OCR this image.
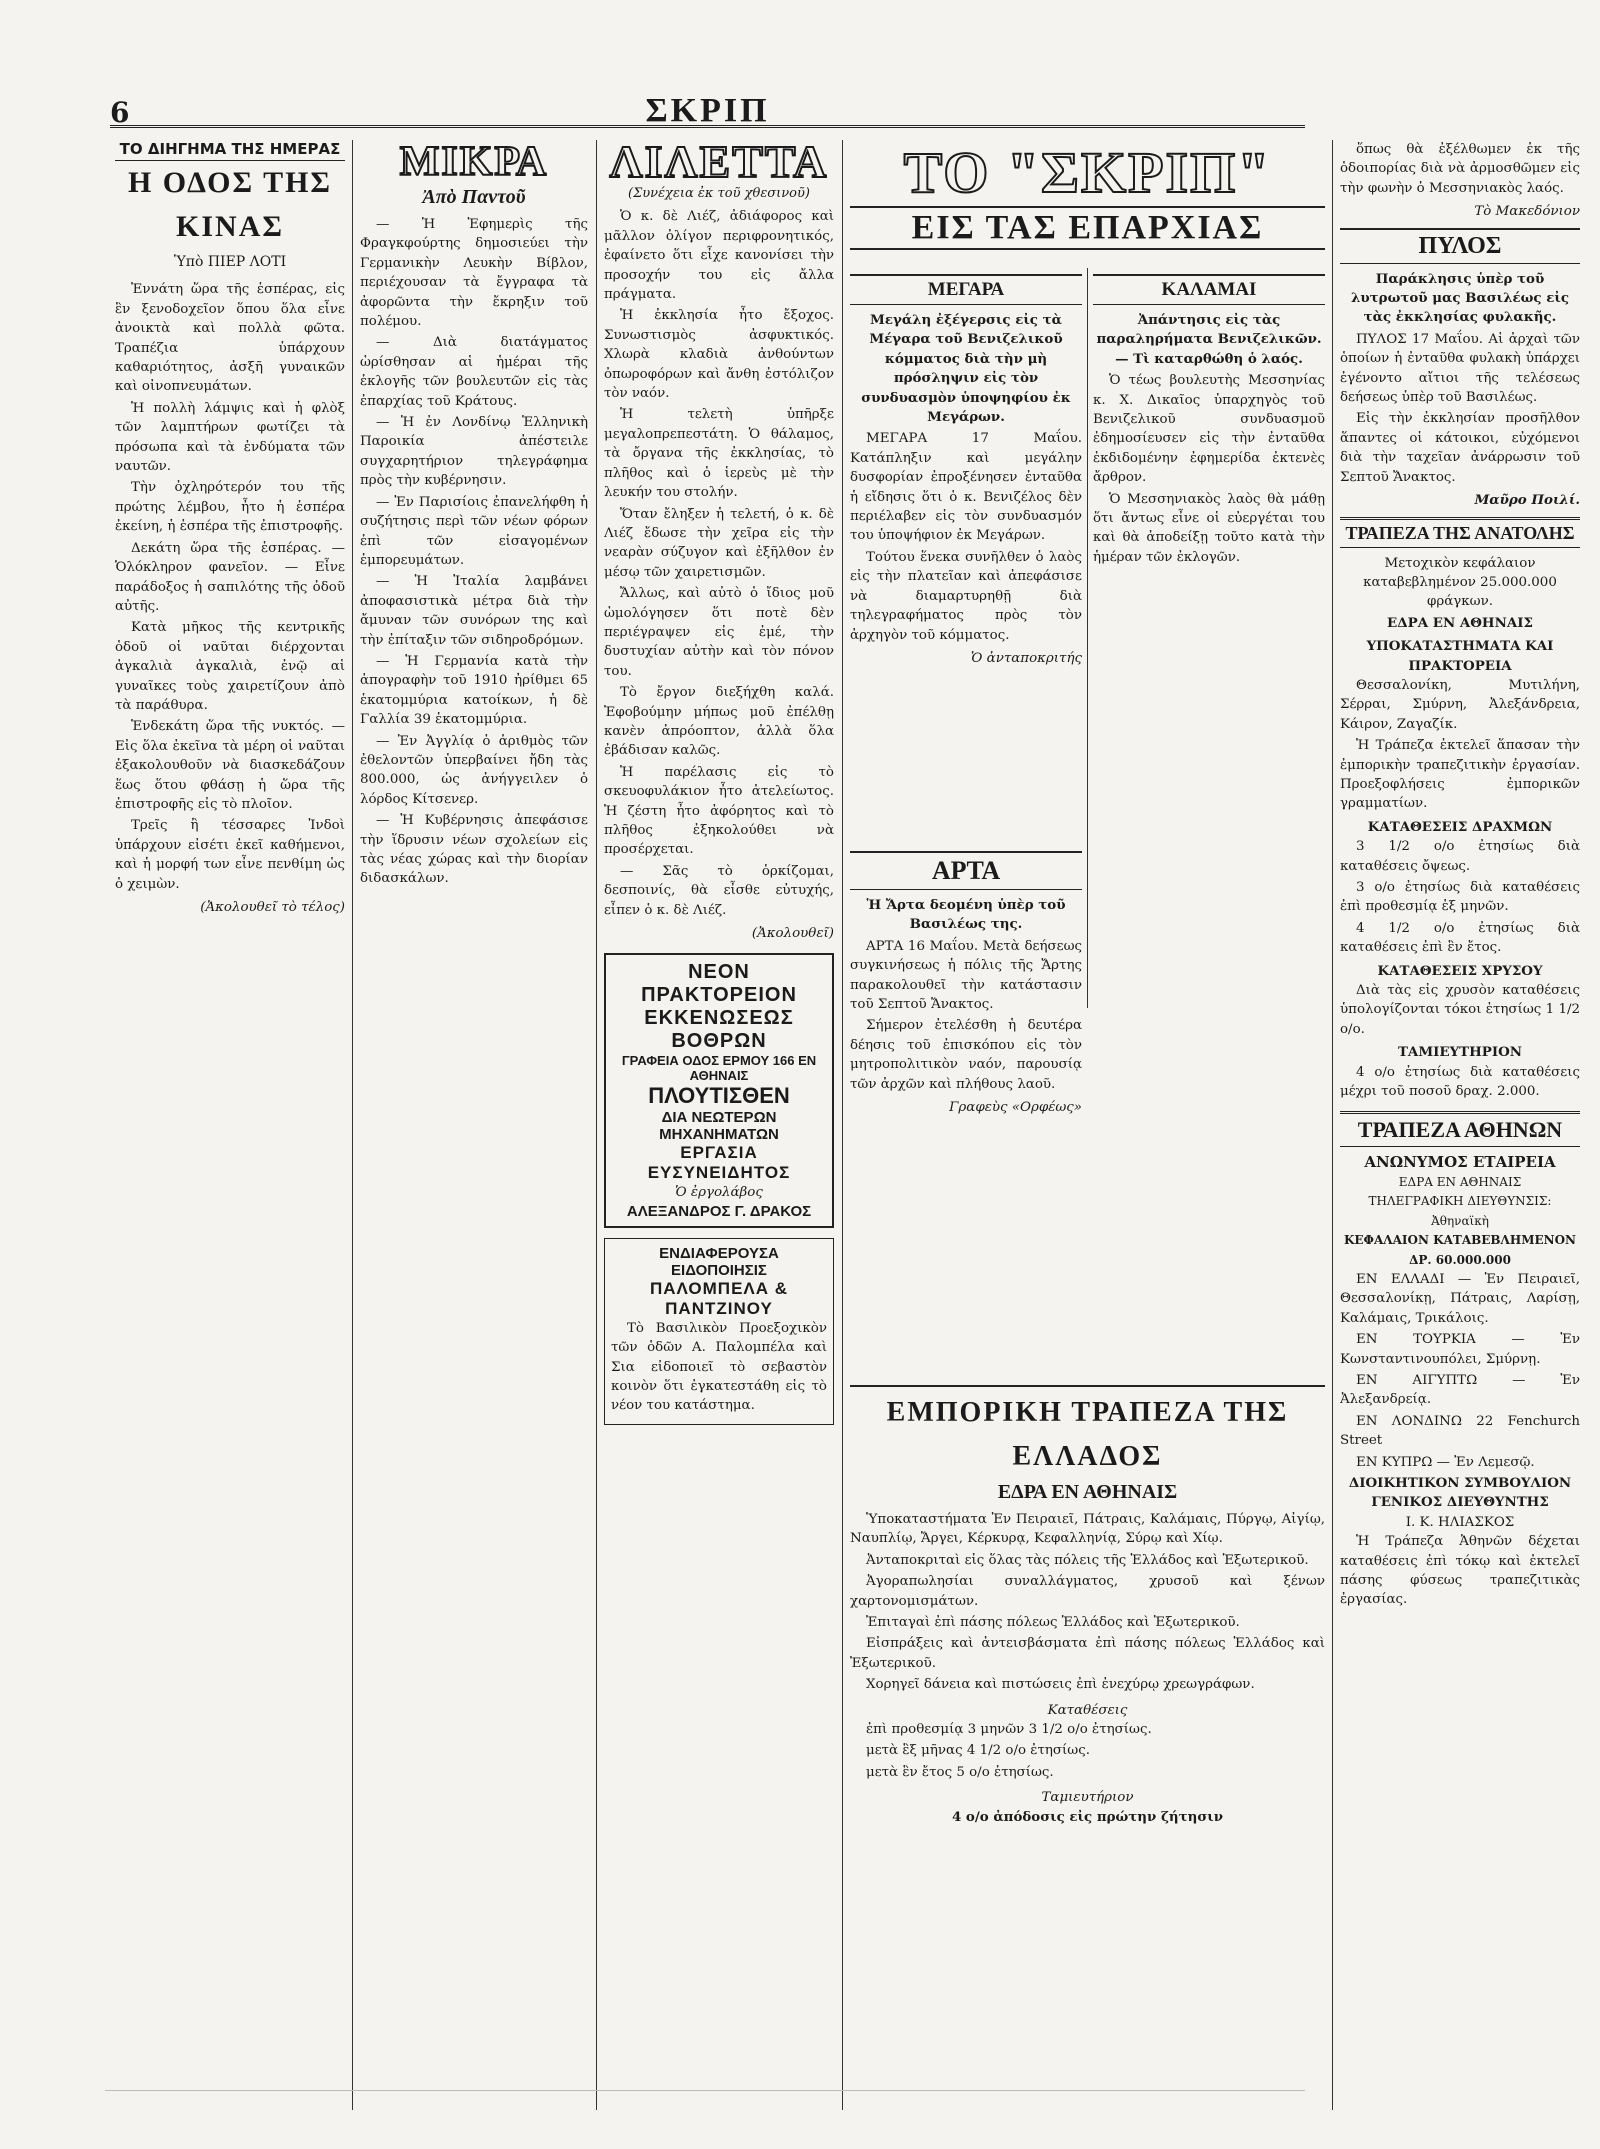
6	ΣΚΡΙΠ
ΤΟ ΔΙΗΓΗΜΑ ΤΗΣ ΗΜΕΡΑΣ
Η ΟΔΟΣ ΤΗΣ ΚΙΝΑΣ
Ὑπὸ ΠΙΕΡ ΛΟΤΙ

Ἐννάτη ὥρα τῆς ἑσπέρας, εἰς ἓν ξενοδοχεῖον ὅπου ὅλα εἶνε ἀνοικτὰ καὶ πολλὰ φῶτα. Τραπέζια ὑπάρχουν καθαριότητος, ἀσξῆ γυναικῶν καὶ οἰνοπνευμάτων.

Ἡ πολλὴ λάμψις καὶ ἡ φλὸξ τῶν λαμπτήρων φωτίζει τὰ πρόσωπα καὶ τὰ ἐνδύματα τῶν ναυτῶν.

Τὴν ὀχληρότερόν του τῆς πρώτης λέμβου, ἦτο ἡ ἑσπέρα ἐκείνη, ἡ ἑσπέρα τῆς ἐπιστροφῆς.

Δεκάτη ὥρα τῆς ἑσπέρας. — Ὁλόκληρον φανεῖον. — Εἶνε παράδοξος ἡ σαπιλότης τῆς ὀδοῦ αὐτῆς.

Κατὰ μῆκος τῆς κεντρικῆς ὁδοῦ οἱ ναῦται διέρχονται ἀγκαλιὰ ἀγκαλιὰ, ἐνῷ αἱ γυναῖκες τοὺς χαιρετίζουν ἀπὸ τὰ παράθυρα.

Ἑνδεκάτη ὥρα τῆς νυκτός. — Εἰς ὅλα ἐκεῖνα τὰ μέρη οἱ ναῦται ἐξακολουθοῦν νὰ διασκεδάζουν ἕως ὅτου φθάσῃ ἡ ὥρα τῆς ἐπιστροφῆς εἰς τὸ πλοῖον.

Τρεῖς ἢ τέσσαρες Ἰνδοὶ ὑπάρχουν εἰσέτι ἐκεῖ καθήμενοι, καὶ ἡ μορφή των εἶνε πενθίμη ὡς ὁ χειμὼν.

(Ἀκολουθεῖ τὸ τέλος)
ΜΙΚΡΑ
Ἀπὸ Παντοῦ

— Ἡ Ἐφημερὶς τῆς Φραγκφούρτης δημοσιεύει τὴν Γερμανικὴν Λευκὴν Βίβλον, περιέχουσαν τὰ ἔγγραφα τὰ ἀφορῶντα τὴν ἔκρηξιν τοῦ πολέμου.

— Διὰ διατάγματος ὡρίσθησαν αἱ ἡμέραι τῆς ἐκλογῆς τῶν βουλευτῶν εἰς τὰς ἐπαρχίας τοῦ Κράτους.

— Ἡ ἐν Λονδίνῳ Ἑλληνικὴ Παροικία ἀπέστειλε συγχαρητήριον τηλεγράφημα πρὸς τὴν κυβέρνησιν.

— Ἐν Παρισίοις ἐπανελήφθη ἡ συζήτησις περὶ τῶν νέων φόρων ἐπὶ τῶν εἰσαγομένων ἐμπορευμάτων.

— Ἡ Ἰταλία λαμβάνει ἀποφασιστικὰ μέτρα διὰ τὴν ἄμυναν τῶν συνόρων της καὶ τὴν ἐπίταξιν τῶν σιδηροδρόμων.

— Ἡ Γερμανία κατὰ τὴν ἀπογραφὴν τοῦ 1910 ἠρίθμει 65 ἑκατομμύρια κατοίκων, ἡ δὲ Γαλλία 39 ἑκατομμύρια.

— Ἐν Ἀγγλίᾳ ὁ ἀριθμὸς τῶν ἐθελοντῶν ὑπερβαίνει ἤδη τὰς 800.000, ὡς ἀνήγγειλεν ὁ λόρδος Κίτσενερ.

— Ἡ Κυβέρνησις ἀπεφάσισε τὴν ἵδρυσιν νέων σχολείων εἰς τὰς νέας χώρας καὶ τὴν διορίαν διδασκάλων.

ΛΙΛΕΤΤΑ
(Συνέχεια ἐκ τοῦ χθεσινοῦ)

Ὁ κ. δὲ Λιέζ, ἀδιάφορος καὶ μᾶλλον ὀλίγον περιφρονητικός, ἐφαίνετο ὅτι εἶχε κανονίσει τὴν προσοχήν του εἰς ἄλλα πράγματα.

Ἡ ἐκκλησία ἦτο ἔξοχος. Συνωστισμὸς ἀσφυκτικός. Χλωρὰ κλαδιὰ ἀνθούντων ὀπωροφόρων καὶ ἄνθη ἐστόλιζον τὸν ναόν.

Ἡ τελετὴ ὑπῆρξε μεγαλοπρεπεστάτη. Ὁ θάλαμος, τὰ ὄργανα τῆς ἐκκλησίας, τὸ πλῆθος καὶ ὁ ἱερεὺς μὲ τὴν λευκήν του στολήν.

Ὅταν ἔληξεν ἡ τελετή, ὁ κ. δὲ Λιέζ ἔδωσε τὴν χεῖρα εἰς τὴν νεαρὰν σύζυγον καὶ ἐξῆλθον ἐν μέσῳ τῶν χαιρετισμῶν.

Ἄλλως, καὶ αὐτὸ ὁ ἴδιος μοῦ ὡμολόγησεν ὅτι ποτὲ δὲν περιέγραψεν εἰς ἐμέ, τὴν δυστυχίαν αὐτὴν καὶ τὸν πόνον του.

Τὸ ἔργον διεξήχθη καλά. Ἐφοβούμην μήπως μοῦ ἐπέλθῃ κανὲν ἀπρόοπτον, ἀλλὰ ὅλα ἐβάδισαν καλῶς.

Ἡ παρέλασις εἰς τὸ σκευοφυλάκιον ἦτο ἀτελείωτος. Ἡ ζέστη ἦτο ἀφόρητος καὶ τὸ πλῆθος ἐξηκολούθει νὰ προσέρχεται.

— Σᾶς τὸ ὁρκίζομαι, δεσποινίς, θὰ εἶσθε εὐτυχής, εἶπεν ὁ κ. δὲ Λιέζ.

(Ἀκολουθεῖ)
ΝΕΟΝ ΠΡΑΚΤΟΡΕΙΟΝ
ΕΚΚΕΝΩΣΕΩΣ ΒΟΘΡΩΝ
ΓΡΑΦΕΙΑ ΟΔΟΣ ΕΡΜΟΥ 166 ΕΝ ΑΘΗΝΑΙΣ
ΠΛΟΥΤΙΣΘΕΝ
ΔΙΑ ΝΕΩΤΕΡΩΝ ΜΗΧΑΝΗΜΑΤΩΝ
ΕΡΓΑΣΙΑ ΕΥΣΥΝΕΙΔΗΤΟΣ
Ὁ ἐργολάβος
ΑΛΕΞΑΝΔΡΟΣ Γ. ΔΡΑΚΟΣ
ΕΝΔΙΑΦΕΡΟΥΣΑ ΕΙΔΟΠΟΙΗΣΙΣ
ΠΑΛΟΜΠΕΛΑ & ΠΑΝΤΖΙΝΟΥ

Τὸ Βασιλικὸν Προεξοχικὸν τῶν ὁδῶν Α. Παλομπέλα καὶ Σια εἰδοποιεῖ τὸ σεβαστὸν κοινὸν ὅτι ἐγκατεστάθη εἰς τὸ νέον του κατάστημα.

ΤΟ "ΣΚΡΙΠ"
ΕΙΣ ΤΑΣ ΕΠΑΡΧΙΑΣ
ΜΕΓΑΡΑ

Μεγάλη ἐξέγερσις εἰς τὰ Μέγαρα τοῦ Βενιζελικοῦ κόμματος διὰ τὴν μὴ πρόσληψιν εἰς τὸν συνδυασμὸν ὑποψηφίου ἐκ Μεγάρων.

ΜΕΓΑΡΑ 17 Μαΐου. Κατάπληξιν καὶ μεγάλην δυσφορίαν ἐπροξένησεν ἐνταῦθα ἡ εἴδησις ὅτι ὁ κ. Βενιζέλος δὲν περιέλαβεν εἰς τὸν συνδυασμόν του ὑποψήφιον ἐκ Μεγάρων.

Τούτου ἕνεκα συνῆλθεν ὁ λαὸς εἰς τὴν πλατεῖαν καὶ ἀπεφάσισε νὰ διαμαρτυρηθῇ διὰ τηλεγραφήματος πρὸς τὸν ἀρχηγὸν τοῦ κόμματος.

Ὁ ἀνταποκριτής
ΚΑΛΑΜΑΙ

Ἀπάντησις εἰς τὰς παραληρήματα Βενιζελικῶν. — Τὶ καταρθώθη ὁ λαός.

Ὁ τέως βουλευτὴς Μεσσηνίας κ. Χ. Δικαῖος ὑπαρχηγὸς τοῦ Βενιζελικοῦ συνδυασμοῦ ἐδημοσίευσεν εἰς τὴν ἐνταῦθα ἐκδιδομένην ἐφημερίδα ἐκτενὲς ἄρθρον.

Ὁ Μεσσηνιακὸς λαὸς θὰ μάθῃ ὅτι ἄντως εἶνε οἱ εὐεργέται του καὶ θὰ ἀποδείξῃ τοῦτο κατὰ τὴν ἡμέραν τῶν ἐκλογῶν.

ΑΡΤΑ

Ἡ Ἄρτα δεομένη ὑπὲρ τοῦ Βασιλέως της.

ΑΡΤΑ 16 Μαΐου. Μετὰ δεήσεως συγκινήσεως ἡ πόλις τῆς Ἄρτης παρακολουθεῖ τὴν κατάστασιν τοῦ Σεπτοῦ Ἄνακτος.

Σήμερον ἐτελέσθη ἡ δευτέρα δέησις τοῦ ἐπισκόπου εἰς τὸν μητροπολιτικὸν ναόν, παρουσίᾳ τῶν ἀρχῶν καὶ πλήθους λαοῦ.

Γραφεὺς «Ορφέως»
ΕΜΠΟΡΙΚΗ ΤΡΑΠΕΖΑ ΤΗΣ ΕΛΛΑΔΟΣ
ΕΔΡΑ ΕΝ ΑΘΗΝΑΙΣ

Ὑποκαταστήματα Ἐν Πειραιεῖ, Πάτραις, Καλάμαις, Πύργῳ, Αἰγίῳ, Ναυπλίῳ, Ἄργει, Κέρκυρᾳ, Κεφαλληνίᾳ, Σύρῳ καὶ Χίῳ.

Ἀνταποκριταὶ εἰς ὅλας τὰς πόλεις τῆς Ἑλλάδος καὶ Ἐξωτερικοῦ.

Ἀγοραπωλησίαι συναλλάγματος, χρυσοῦ καὶ ξένων χαρτονομισμάτων.

Ἐπιταγαὶ ἐπὶ πάσης πόλεως Ἑλλάδος καὶ Ἐξωτερικοῦ.

Εἰσπράξεις καὶ ἀντεισβάσματα ἐπὶ πάσης πόλεως Ἑλλάδος καὶ Ἐξωτερικοῦ.

Χορηγεῖ δάνεια καὶ πιστώσεις ἐπὶ ἐνεχύρῳ χρεωγράφων.

Καταθέσεις

ἐπὶ προθεσμίᾳ 3 μηνῶν 3 1/2 ο/ο ἐτησίως.

μετὰ ἓξ μῆνας 4 1/2 ο/ο ἐτησίως.

μετὰ ἓν ἔτος 5 ο/ο ἐτησίως.

Ταμιευτήριον

4 ο/ο ἀπόδοσις εἰς πρώτην ζήτησιν

ὅπως θὰ ἐξέλθωμεν ἐκ τῆς ὁδοιπορίας διὰ νὰ ἀρμοσθῶμεν εἰς τὴν φωνὴν ὁ Μεσσηνιακὸς λαός.

Τὸ Μακεδόνιον
ΠΥΛΟΣ

Παράκλησις ὑπὲρ τοῦ λυτρωτοῦ μας Βασιλέως εἰς τὰς ἐκκλησίας φυλακῆς.

ΠΥΛΟΣ 17 Μαΐου. Αἱ ἀρχαὶ τῶν ὁποίων ἡ ἐνταῦθα φυλακὴ ὑπάρχει ἐγένοντο αἴτιοι τῆς τελέσεως δεήσεως ὑπὲρ τοῦ Βασιλέως.

Εἰς τὴν ἐκκλησίαν προσῆλθον ἅπαντες οἱ κάτοικοι, εὐχόμενοι διὰ τὴν ταχεῖαν ἀνάρρωσιν τοῦ Σεπτοῦ Ἄνακτος.

Μαῦρο Ποιλί.
ΤΡΑΠΕΖΑ ΤΗΣ ΑΝΑΤΟΛΗΣ

Μετοχικὸν κεφάλαιον καταβεβλημένον 25.000.000 φράγκων.

ΕΔΡΑ ΕΝ ΑΘΗΝΑΙΣ
ΥΠΟΚΑΤΑΣΤΗΜΑΤΑ ΚΑΙ ΠΡΑΚΤΟΡΕΙΑ

Θεσσαλονίκη, Μυτιλήνη, Σέρραι, Σμύρνη, Ἀλεξάνδρεια, Κάιρον, Ζαγαζίκ.

Ἡ Τράπεζα ἐκτελεῖ ἅπασαν τὴν ἐμπορικὴν τραπεζιτικὴν ἐργασίαν. Προεξοφλήσεις ἐμπορικῶν γραμματίων.

ΚΑΤΑΘΕΣΕΙΣ ΔΡΑΧΜΩΝ

3 1/2 ο/ο ἐτησίως διὰ καταθέσεις ὄψεως.

3 ο/ο ἐτησίως διὰ καταθέσεις ἐπὶ προθεσμίᾳ ἑξ μηνῶν.

4 1/2 ο/ο ἐτησίως διὰ καταθέσεις ἐπὶ ἓν ἔτος.

ΚΑΤΑΘΕΣΕΙΣ ΧΡΥΣΟΥ

Διὰ τὰς εἰς χρυσὸν καταθέσεις ὑπολογίζονται τόκοι ἐτησίως 1 1/2 ο/ο.

ΤΑΜΙΕΥΤΗΡΙΟΝ

4 ο/ο ἐτησίως διὰ καταθέσεις μέχρι τοῦ ποσοῦ δραχ. 2.000.

ΤΡΑΠΕΖΑ ΑΘΗΝΩΝ
ΑΝΩΝΥΜΟΣ ΕΤΑΙΡΕΙΑ
ΕΔΡΑ ΕΝ ΑΘΗΝΑΙΣ
ΤΗΛΕΓΡΑΦΙΚΗ ΔΙΕΥΘΥΝΣΙΣ: Ἀθηναϊκὴ
ΚΕΦΑΛΑΙΟΝ ΚΑΤΑΒΕΒΛΗΜΕΝΟΝ ΔΡ. 60.000.000

ΕΝ ΕΛΛΑΔΙ — Ἐν Πειραιεῖ, Θεσσαλονίκῃ, Πάτραις, Λαρίσῃ, Καλάμαις, Τρικάλοις.

ΕΝ ΤΟΥΡΚΙΑ — Ἐν Κωνσταντινουπόλει, Σμύρνῃ.

ΕΝ ΑΙΓΥΠΤΩ — Ἐν Ἀλεξανδρείᾳ.

ΕΝ ΛΟΝΔΙΝΩ 22 Fenchurch Street

ΕΝ ΚΥΠΡΩ — Ἐν Λεμεσῷ.

ΔΙΟΙΚΗΤΙΚΟΝ ΣΥΜΒΟΥΛΙΟΝ
ΓΕΝΙΚΟΣ ΔΙΕΥΘΥΝΤΗΣ
Ι. Κ. ΗΛΙΑΣΚΟΣ

Ἡ Τράπεζα Ἀθηνῶν δέχεται καταθέσεις ἐπὶ τόκῳ καὶ ἐκτελεῖ πάσης φύσεως τραπεζιτικὰς ἐργασίας.
